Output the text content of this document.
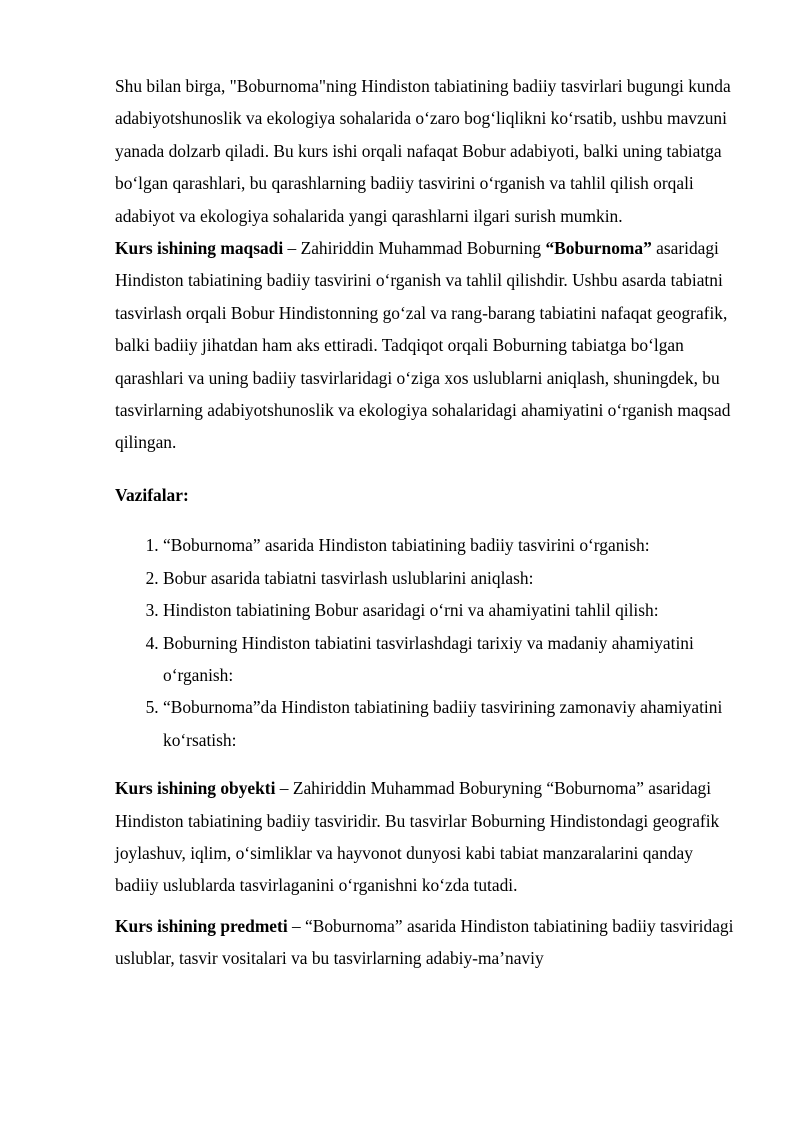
Shu bilan birga, "Boburnoma"ning Hindiston tabiatining badiiy tasvirlari bugungi kunda adabiyotshunoslik va ekologiya sohalarida o‘zaro bog‘liqlikni ko‘rsatib, ushbu mavzuni yanada dolzarb qiladi. Bu kurs ishi orqali nafaqat Bobur adabiyoti, balki uning tabiatga bo‘lgan qarashlari, bu qarashlarning badiiy tasvirini o‘rganish va tahlil qilish orqali adabiyot va ekologiya sohalarida yangi qarashlarni ilgari surish mumkin.

Kurs ishining maqsadi – Zahiriddin Muhammad Boburning “Boburnoma” asaridagi Hindiston tabiatining badiiy tasvirini o‘rganish va tahlil qilishdir. Ushbu asarda tabiatni tasvirlash orqali Bobur Hindistonning go‘zal va rang-barang tabiatini nafaqat geografik, balki badiiy jihatdan ham aks ettiradi. Tadqiqot orqali Boburning tabiatga bo‘lgan qarashlari va uning badiiy tasvirlaridagi o‘ziga xos uslublarni aniqlash, shuningdek, bu tasvirlarning adabiyotshunoslik va ekologiya sohalaridagi ahamiyatini o‘rganish maqsad qilingan.

Vazifalar:

1. “Boburnoma” asarida Hindiston tabiatining badiiy tasvirini o‘rganish:
2. Bobur asarida tabiatni tasvirlash uslublarini aniqlash:
3. Hindiston tabiatining Bobur asaridagi o‘rni va ahamiyatini tahlil qilish:
4. Boburning Hindiston tabiatini tasvirlashdagi tarixiy va madaniy ahamiyatini o‘rganish:
5. “Boburnoma”da Hindiston tabiatining badiiy tasvirining zamonaviy ahamiyatini ko‘rsatish:

Kurs ishining obyekti – Zahiriddin Muhammad Boburyning “Boburnoma” asaridagi Hindiston tabiatining badiiy tasviridir. Bu tasvirlar Boburning Hindistondagi geografik joylashuv, iqlim, o‘simliklar va hayvonot dunyosi kabi tabiat manzaralarini qanday badiiy uslublarda tasvirlaganini o‘rganishni ko‘zda tutadi.

Kurs ishining predmeti – “Boburnoma” asarida Hindiston tabiatining badiiy tasviridagi uslublar, tasvir vositalari va bu tasvirlarning adabiy-ma’naviy
